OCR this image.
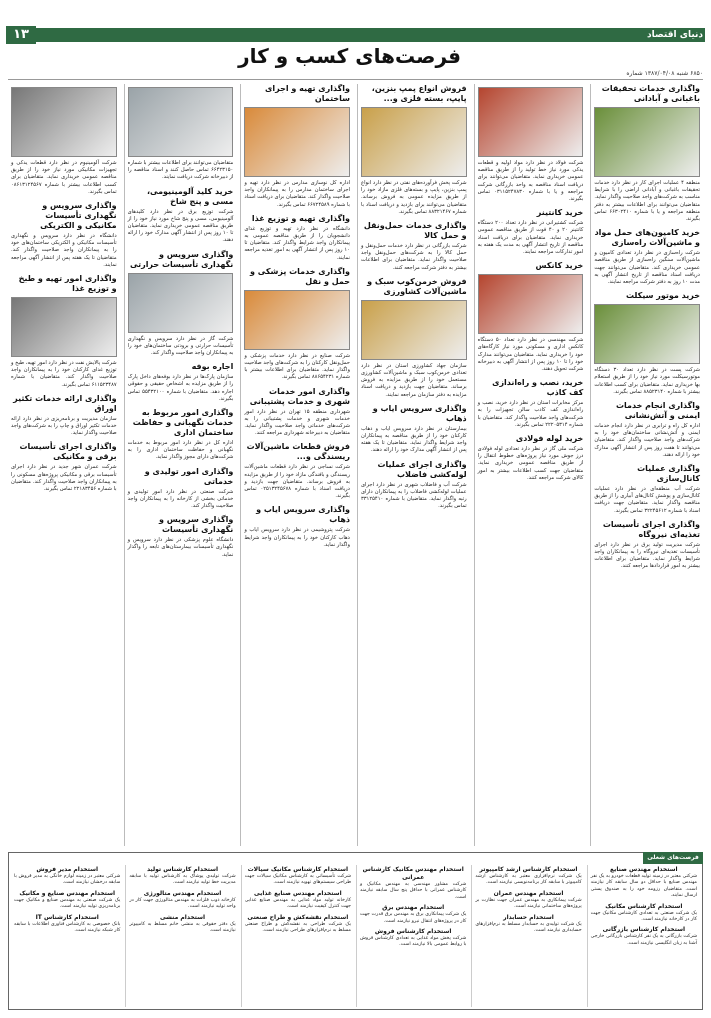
١٣	دنیای اقتصاد
فرصت‌های کسب و کار
۶۸۵۰ شنبه ۱۳۸۷/۰۴/۰۸ شماره
واگذاری خدمات تحقیقات باغبانی و آبادانی

منطقه ۴ عملیات اجرای کار در نظر دارد خدمات تحقیقات باغبانی و آبادانی اراضی را با شرایط مناسب به شرکت‌های واجد صلاحیت واگذار نماید. متقاضیان می‌توانند برای اطلاعات بیشتر به دفتر منطقه مراجعه و یا با شماره ۶۶۳۰۲۴۱۰ تماس بگیرند.

خرید کامیون‌های حمل مواد و ماشین‌آلات راه‌سازی

شرکت راه‌سازی در نظر دارد تعدادی کامیون و ماشین‌آلات سنگین راه‌سازی از طریق مناقصه عمومی خریداری کند. متقاضیان می‌توانند جهت دریافت اسناد مناقصه از تاریخ انتشار آگهی به مدت ۱۰ روز به دفتر شرکت مراجعه نمایند.

خرید موتور سیکلت

شرکت پست در نظر دارد تعداد ۳۰ دستگاه موتورسیکلت مورد نیاز خود را از طریق استعلام بها خریداری نماید. متقاضیان برای کسب اطلاعات بیشتر با شماره ۸۸۵۲۳۱۴۰ تماس بگیرند.

واگذاری انجام خدمات ایمنی و آتش‌نشانی

اداره کل راه و ترابری در نظر دارد انجام خدمات ایمنی و آتش‌نشانی ساختمان‌های خود را به شرکت‌های واجد صلاحیت واگذار کند. متقاضیان می‌توانند تا هفت روز پس از انتشار آگهی مدارک خود را ارائه دهند.

واگذاری عملیات کانال‌سازی

شرکت آب منطقه‌ای در نظر دارد عملیات کانال‌سازی و پوشش کانال‌های آبیاری را از طریق مناقصه واگذار نماید. متقاضیان جهت دریافت اسناد با شماره ۳۲۲۴۵۶۱۲ تماس بگیرند.

واگذاری اجرای تأسیسات تغذیه‌ای نیروگاه

شرکت مدیریت تولید برق در نظر دارد اجرای تأسیسات تغذیه‌ای نیروگاه را به پیمانکاران واجد شرایط واگذار نماید. متقاضیان برای اطلاعات بیشتر به امور قراردادها مراجعه کنند.

شرکت فولاد در نظر دارد مواد اولیه و قطعات یدکی مورد نیاز خط تولید را از طریق مناقصه عمومی خریداری نماید. متقاضیان می‌توانند برای دریافت اسناد مناقصه به واحد بازرگانی شرکت مراجعه و یا با شماره ۰۳۱۱۵۲۴۷۸۳۰ تماس بگیرند.

خرید کانتینر

شرکت کشتیرانی در نظر دارد تعداد ۲۰۰ دستگاه کانتینر ۲۰ و ۴۰ فوت از طریق مناقصه عمومی خریداری نماید. متقاضیان برای دریافت اسناد مناقصه از تاریخ انتشار آگهی به مدت یک هفته به امور تدارکات مراجعه نمایند.

خرید کانکس

شرکت مهندسی در نظر دارد تعداد ۵۰ دستگاه کانکس اداری و مسکونی مورد نیاز کارگاه‌های خود را خریداری نماید. متقاضیان می‌توانند مدارک خود را تا ۱۰ روز پس از انتشار آگهی به دبیرخانه شرکت تحویل دهند.

خرید، نصب و راه‌اندازی کف کاذب

مرکز مخابرات استان در نظر دارد خرید، نصب و راه‌اندازی کف کاذب سالن تجهیزات را به شرکت‌های واجد صلاحیت واگذار کند. متقاضیان با شماره ۲۲۲۰۵۳۱۴ تماس بگیرند.

خرید لوله فولادی

شرکت ملی گاز در نظر دارد تعدادی لوله فولادی درز جوش مورد نیاز پروژه‌های خطوط انتقال را از طریق مناقصه عمومی خریداری نماید. متقاضیان جهت کسب اطلاعات بیشتر به امور کالای شرکت مراجعه کنند.

فروش انواع پمپ بنزین، پایپ، بسته فلزی و...

شرکت پخش فرآورده‌های نفتی در نظر دارد انواع پمپ بنزین، پایپ و بسته‌های فلزی مازاد خود را از طریق مزایده عمومی به فروش برساند. متقاضیان می‌توانند برای بازدید و دریافت اسناد با شماره ۸۸۳۲۱۴۶۷ تماس بگیرند.

واگذاری خدمات حمل‌ونقل و حمل کالا

شرکت بازرگانی در نظر دارد خدمات حمل‌ونقل و حمل کالا را به شرکت‌های حمل‌ونقل واجد صلاحیت واگذار نماید. متقاضیان برای اطلاعات بیشتر به دفتر شرکت مراجعه کنند.

فروش خرمن‌کوب سبک و ماشین‌آلات کشاورزی

سازمان جهاد کشاورزی استان در نظر دارد تعدادی خرمن‌کوب سبک و ماشین‌آلات کشاورزی مستعمل خود را از طریق مزایده به فروش برساند. متقاضیان جهت بازدید و دریافت اسناد مزایده به دفتر سازمان مراجعه نمایند.

واگذاری سرویس ایاب و ذهاب

بیمارستان در نظر دارد سرویس ایاب و ذهاب کارکنان خود را از طریق مناقصه به پیمانکاران واجد شرایط واگذار نماید. متقاضیان تا یک هفته پس از انتشار آگهی مدارک خود را ارائه دهند.

واگذاری اجرای عملیات لوله‌کشی فاضلاب

شرکت آب و فاضلاب شهری در نظر دارد اجرای عملیات لوله‌کشی فاضلاب را به پیمانکاران دارای رتبه واگذار نماید. متقاضیان با شماره ۳۳۱۲۵۴۱۰ تماس بگیرند.

واگذاری تهیه و اجرای ساختمان

اداره کل نوسازی مدارس در نظر دارد تهیه و اجرای ساختمان مدارس را به پیمانکاران واجد صلاحیت واگذار کند. متقاضیان برای دریافت اسناد با شماره ۶۶۷۲۴۵۸۹ تماس بگیرند.

واگذاری تهیه و توزیع غذا

دانشگاه در نظر دارد تهیه و توزیع غذای دانشجویان را از طریق مناقصه عمومی به پیمانکاران واجد شرایط واگذار کند. متقاضیان تا ۱۰ روز پس از انتشار آگهی به امور تغذیه مراجعه نمایند.

واگذاری خدمات پزشکی و حمل و نقل

شرکت صنایع در نظر دارد خدمات پزشکی و حمل‌ونقل کارکنان را به شرکت‌های واجد صلاحیت واگذار نماید. متقاضیان برای اطلاعات بیشتر با شماره ۸۸۶۵۴۲۳۱ تماس بگیرند.

واگذاری امور خدمات شهری و خدمات پشتیبانی

شهرداری منطقه ۱۵ تهران در نظر دارد امور خدمات شهری و خدمات پشتیبانی را به شرکت‌های خدماتی واجد صلاحیت واگذار نماید. متقاضیان به دبیرخانه شهرداری مراجعه کنند.

فروش قطعات ماشین‌آلات ریسندگی و...

شرکت نساجی در نظر دارد قطعات ماشین‌آلات ریسندگی و بافندگی مازاد خود را از طریق مزایده به فروش برساند. متقاضیان جهت بازدید و دریافت اسناد با شماره ۰۲۵۱۳۲۴۵۶۷۸ تماس بگیرند.

واگذاری سرویس ایاب و ذهاب

شرکت پتروشیمی در نظر دارد سرویس ایاب و ذهاب کارکنان خود را به پیمانکاران واجد شرایط واگذار نماید.

متقاضیان می‌توانند برای اطلاعات بیشتر با شماره ۶۶۴۲۳۱۵۰ تماس حاصل کنند و اسناد مناقصه را از دبیرخانه شرکت دریافت نمایند.

خرید کلید آلومینیومی، مسی و پنج شاخ

شرکت توزیع برق در نظر دارد کلیدهای آلومینیومی، مسی و پنج شاخ مورد نیاز خود را از طریق مناقصه عمومی خریداری نماید. متقاضیان تا ۱۰ روز پس از انتشار آگهی مدارک خود را ارائه دهند.

واگذاری سرویس و نگهداری تأسیسات حرارتی

شرکت گاز در نظر دارد سرویس و نگهداری تأسیسات حرارتی و برودتی ساختمان‌های خود را به پیمانکاران واجد صلاحیت واگذار کند.

اجاره بوفه

سازمان پارک‌ها در نظر دارد بوفه‌های داخل پارک را از طریق مزایده به اشخاص حقیقی و حقوقی اجاره دهد. متقاضیان با شماره ۵۵۴۳۲۱۰۰ تماس بگیرند.

واگذاری امور مربوط به خدمات نگهبانی و حفاظت ساختمان اداری

اداره کل در نظر دارد امور مربوط به خدمات نگهبانی و حفاظت ساختمان اداری را به شرکت‌های دارای مجوز واگذار نماید.

واگذاری امور تولیدی و خدماتی

شرکت صنعتی در نظر دارد امور تولیدی و خدماتی بخشی از کارخانه را به پیمانکاران واجد صلاحیت واگذار کند.

واگذاری سرویس و نگهداری تأسیسات

دانشگاه علوم پزشکی در نظر دارد سرویس و نگهداری تأسیسات بیمارستان‌های تابعه را واگذار نماید.

شرکت آلومینیوم در نظر دارد قطعات یدکی و تجهیزات مکانیکی مورد نیاز خود را از طریق مناقصه عمومی خریداری نماید. متقاضیان برای کسب اطلاعات بیشتر با شماره ۰۸۶۱۳۱۲۴۵۶۷ تماس بگیرند.

واگذاری سرویس و نگهداری تأسیسات مکانیکی و الکتریکی

دانشگاه در نظر دارد سرویس و نگهداری تأسیسات مکانیکی و الکتریکی ساختمان‌های خود را به پیمانکاران واجد صلاحیت واگذار کند. متقاضیان تا یک هفته پس از انتشار آگهی مراجعه نمایند.

واگذاری امور تهیه و طبخ و توزیع غذا

شرکت پالایش نفت در نظر دارد امور تهیه، طبخ و توزیع غذای کارکنان خود را به پیمانکاران واجد صلاحیت واگذار کند. متقاضیان با شماره ۶۱۱۵۲۳۴۸۷ تماس بگیرند.

واگذاری ارائه خدمات تکثیر اوراق

سازمان مدیریت و برنامه‌ریزی در نظر دارد ارائه خدمات تکثیر اوراق و چاپ را به شرکت‌های واجد صلاحیت واگذار نماید.

واگذاری اجرای تأسیسات برقی و مکانیکی

شرکت عمران شهر جدید در نظر دارد اجرای تأسیسات برقی و مکانیکی پروژه‌های مسکونی را به پیمانکاران واجد صلاحیت واگذار کند. متقاضیان با شماره ۲۲۱۸۳۴۵۶ تماس بگیرند.

فرصت‌های شغلی
استخدام مهندس صنایع

شرکتی معتبر در زمینه تولید قطعات خودرو به یک نفر مهندس صنایع با حداقل دو سال سابقه کار نیازمند است. متقاضیان رزومه خود را به صندوق پستی ارسال نمایند.

استخدام کارشناس مکانیک

یک شرکت صنعتی به تعدادی کارشناس مکانیک جهت کار در کارخانه نیازمند است.

استخدام کارشناس بازرگانی

شرکت بازرگانی به یک نفر کارشناس بازرگانی خارجی آشنا به زبان انگلیسی نیازمند است.

استخدام کارشناس ارشد کامپیوتر

یک شرکت نرم‌افزاری معتبر به کارشناس ارشد کامپیوتر با سابقه کار برنامه‌نویسی نیازمند است.

استخدام مهندس عمران

شرکت پیمانکاری به مهندس عمران جهت نظارت بر پروژه‌های ساختمانی نیازمند است.

استخدام حسابدار

یک شرکت تولیدی به حسابدار مسلط به نرم‌افزارهای حسابداری نیازمند است.

استخدام مهندس مکانیک کارشناس عمرانی

شرکت مشاور مهندسی به مهندس مکانیک و کارشناس عمرانی با حداقل پنج سال سابقه نیازمند است.

استخدام مهندس برق

یک شرکت پیمانکاری برق به مهندس برق قدرت جهت کار در پروژه‌های انتقال نیرو نیازمند است.

استخدام کارشناس فروش

شرکت پخش مواد غذایی به تعدادی کارشناس فروش با روابط عمومی بالا نیازمند است.

استخدام کارشناس مکانیک سیالات

شرکت تأسیساتی به کارشناس مکانیک سیالات جهت طراحی سیستم‌های تهویه نیازمند است.

استخدام مهندس صنایع غذایی

کارخانه تولید مواد غذایی به مهندس صنایع غذایی جهت کنترل کیفیت نیازمند است.

استخدام نقشه‌کش و طراح صنعتی

یک شرکت طراحی به نقشه‌کش و طراح صنعتی مسلط به نرم‌افزارهای طراحی نیازمند است.

استخدام کارشناس تولید

شرکت تولیدی پوشاک به کارشناس تولید با سابقه مدیریت خط تولید نیازمند است.

استخدام مهندس متالورژی

کارخانه ذوب فلزات به مهندس متالورژی جهت کار در واحد تولید نیازمند است.

استخدام منشی

یک دفتر حقوقی به منشی خانم مسلط به کامپیوتر نیازمند است.

استخدام مدیر فروش

شرکتی معتبر در زمینه لوازم خانگی به مدیر فروش با سابقه درخشان نیازمند است.

استخدام مهندس صنایع و مکانیک

یک شرکت صنعتی به مهندس صنایع و مکانیک جهت برنامه‌ریزی تولید نیازمند است.

استخدام کارشناس IT

بانک خصوصی به کارشناس فناوری اطلاعات با سابقه کار شبکه نیازمند است.
